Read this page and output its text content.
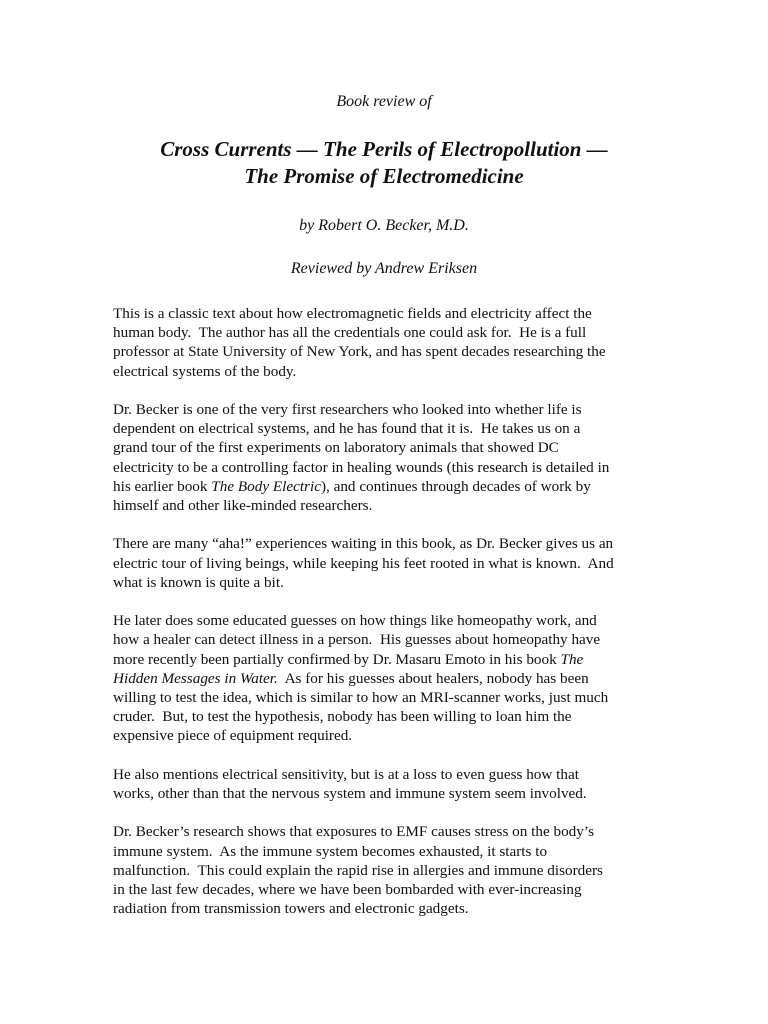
Book review of
Cross Currents — The Perils of Electropollution —
The Promise of Electromedicine
by Robert O. Becker, M.D.
Reviewed by Andrew Eriksen

This is a classic text about how electromagnetic fields and electricity affect the
human body.  The author has all the credentials one could ask for.  He is a full
professor at State University of New York, and has spent decades researching the
electrical systems of the body.

Dr. Becker is one of the very first researchers who looked into whether life is
dependent on electrical systems, and he has found that it is.  He takes us on a
grand tour of the first experiments on laboratory animals that showed DC
electricity to be a controlling factor in healing wounds (this research is detailed in
his earlier book The Body Electric), and continues through decades of work by
himself and other like-minded researchers.

There are many “aha!” experiences waiting in this book, as Dr. Becker gives us an
electric tour of living beings, while keeping his feet rooted in what is known.  And
what is known is quite a bit.

He later does some educated guesses on how things like homeopathy work, and
how a healer can detect illness in a person.  His guesses about homeopathy have
more recently been partially confirmed by Dr. Masaru Emoto in his book The
Hidden Messages in Water.  As for his guesses about healers, nobody has been
willing to test the idea, which is similar to how an MRI-scanner works, just much
cruder.  But, to test the hypothesis, nobody has been willing to loan him the
expensive piece of equipment required.

He also mentions electrical sensitivity, but is at a loss to even guess how that
works, other than that the nervous system and immune system seem involved.

Dr. Becker’s research shows that exposures to EMF causes stress on the body’s
immune system.  As the immune system becomes exhausted, it starts to
malfunction.  This could explain the rapid rise in allergies and immune disorders
in the last few decades, where we have been bombarded with ever-increasing
radiation from transmission towers and electronic gadgets.
